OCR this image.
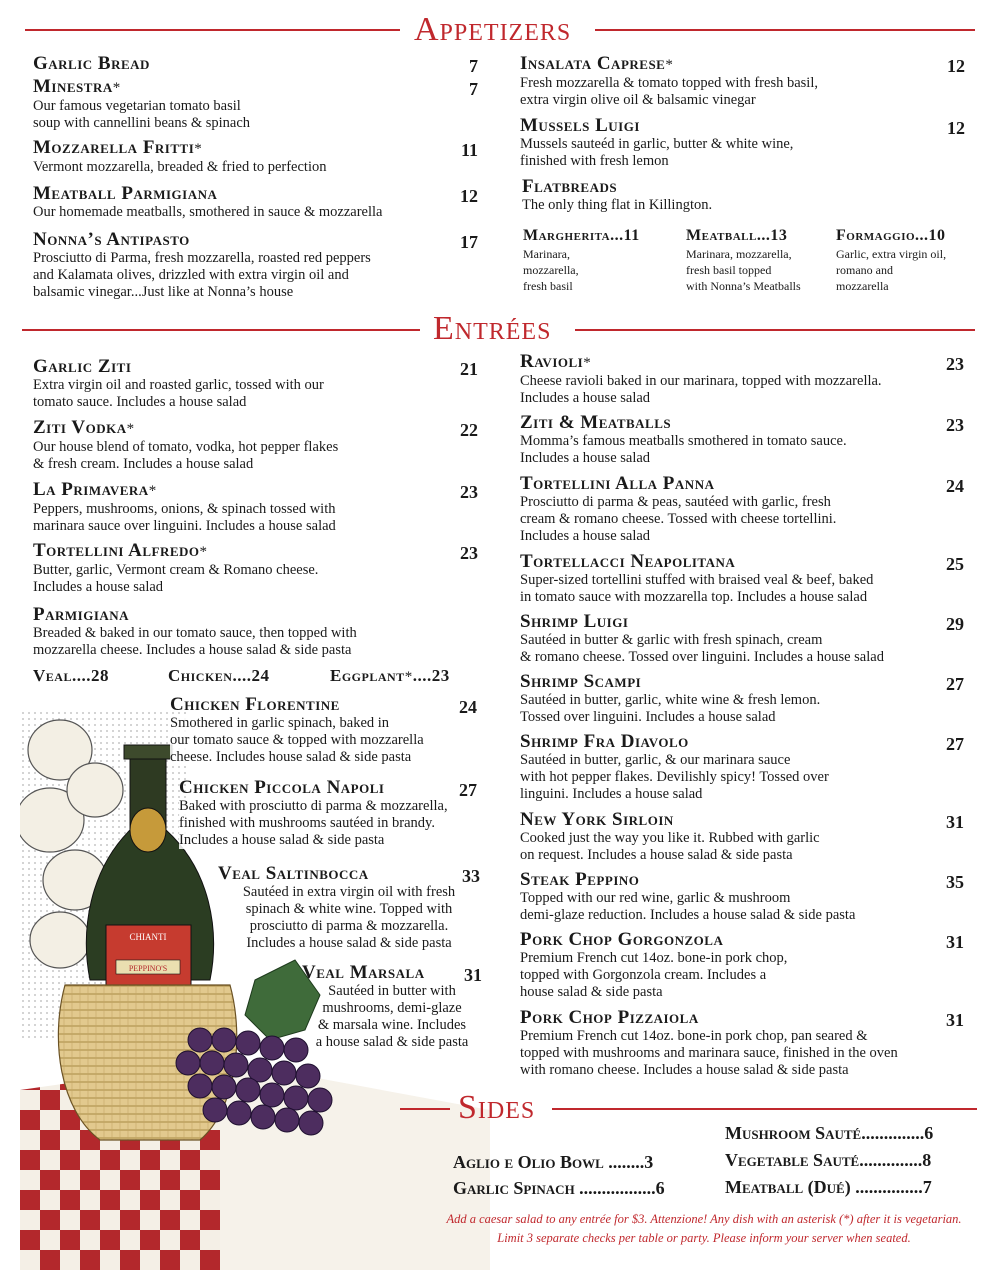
Appetizers
Garlic Bread	7
Minestra*	7
Our famous vegetarian tomato basil
soup with cannellini beans & spinach
Mozzarella Fritti*	11
Vermont mozzarella, breaded & fried to perfection
Meatball Parmigiana	12
Our homemade meatballs, smothered in sauce & mozzarella
Nonna’s Antipasto	17
Prosciutto di Parma, fresh mozzarella, roasted red peppers
and Kalamata olives, drizzled with extra virgin oil and
balsamic vinegar...Just like at Nonna’s house
Insalata Caprese*	12
Fresh mozzarella & tomato topped with fresh basil,
extra virgin olive oil & balsamic vinegar
Mussels Luigi	12
Mussels sauteéd in garlic, butter & white wine,
finished with fresh lemon
Flatbreads
The only thing flat in Killington.
Margherita...11
Marinara,
mozzarella,
fresh basil
Meatball...13
Marinara, mozzarella,
fresh basil topped
with Nonna’s Meatballs
Formaggio...10
Garlic, extra virgin oil,
romano and
mozzarella
Entrées
Garlic Ziti	21
Extra virgin oil and roasted garlic, tossed with our
tomato sauce. Includes a house salad
Ziti Vodka*	22
Our house blend of tomato, vodka, hot pepper flakes
& fresh cream. Includes a house salad
La Primavera*	23
Peppers, mushrooms, onions, & spinach tossed with
marinara sauce over linguini. Includes a house salad
Tortellini Alfredo*	23
Butter, garlic, Vermont cream & Romano cheese.
Includes a house salad
Parmigiana
Breaded & baked in our tomato sauce, then topped with
mozzarella cheese. Includes a house salad & side pasta
Veal....28	Chicken....24	Eggplant*....23
CHIANTI
PEPPINO'S
Chicken Florentine	24
Smothered in garlic spinach, baked in
our tomato sauce & topped with mozzarella
cheese. Includes house salad & side pasta
Chicken Piccola Napoli	27
Baked with prosciutto di parma & mozzarella,
finished with mushrooms sautéed in brandy.
Includes a house salad & side pasta
Veal Saltinbocca	33
Sautéed in extra virgin oil with fresh
spinach & white wine. Topped with
prosciutto di parma & mozzarella.
Includes a house salad & side pasta
Veal Marsala	31
Sautéed in butter with
mushrooms, demi-glaze
& marsala wine. Includes
a house salad & side pasta
Ravioli*	23
Cheese ravioli baked in our marinara, topped with mozzarella.
Includes a house salad
Ziti & Meatballs	23
Momma’s famous meatballs smothered in tomato sauce.
Includes a house salad
Tortellini Alla Panna	24
Prosciutto di parma & peas, sautéed with garlic, fresh
cream & romano cheese. Tossed with cheese tortellini.
Includes a house salad
Tortellacci Neapolitana	25
Super-sized tortellini stuffed with braised veal & beef, baked
in tomato sauce with mozzarella top. Includes a house salad
Shrimp Luigi	29
Sautéed in butter & garlic with fresh spinach, cream
& romano cheese. Tossed over linguini. Includes a house salad
Shrimp Scampi	27
Sautéed in butter, garlic, white wine & fresh lemon.
Tossed over linguini. Includes a house salad
Shrimp Fra Diavolo	27
Sautéed in butter, garlic, & our marinara sauce
with hot pepper flakes. Devilishly spicy! Tossed over
linguini. Includes a house salad
New York Sirloin	31
Cooked just the way you like it. Rubbed with garlic
on request. Includes a house salad & side pasta
Steak Peppino	35
Topped with our red wine, garlic & mushroom
demi-glaze reduction. Includes a house salad & side pasta
Pork Chop Gorgonzola	31
Premium French cut 14oz. bone-in pork chop,
topped with Gorgonzola cream. Includes a
house salad & side pasta
Pork Chop Pizzaiola	31
Premium French cut 14oz. bone-in pork chop, pan seared &
topped with mushrooms and marinara sauce, finished in the oven
with romano cheese. Includes a house salad & side pasta
Sides
Mushroom Sauté..............6
Vegetable Sauté..............8
Meatball (Dué) ...............7
Aglio e Olio Bowl ........3
Garlic Spinach .................6
Add a caesar salad to any entrée for $3. Attenzione! Any dish with an asterisk (*) after it is vegetarian.
Limit 3 separate checks per table or party. Please inform your server when seated.
